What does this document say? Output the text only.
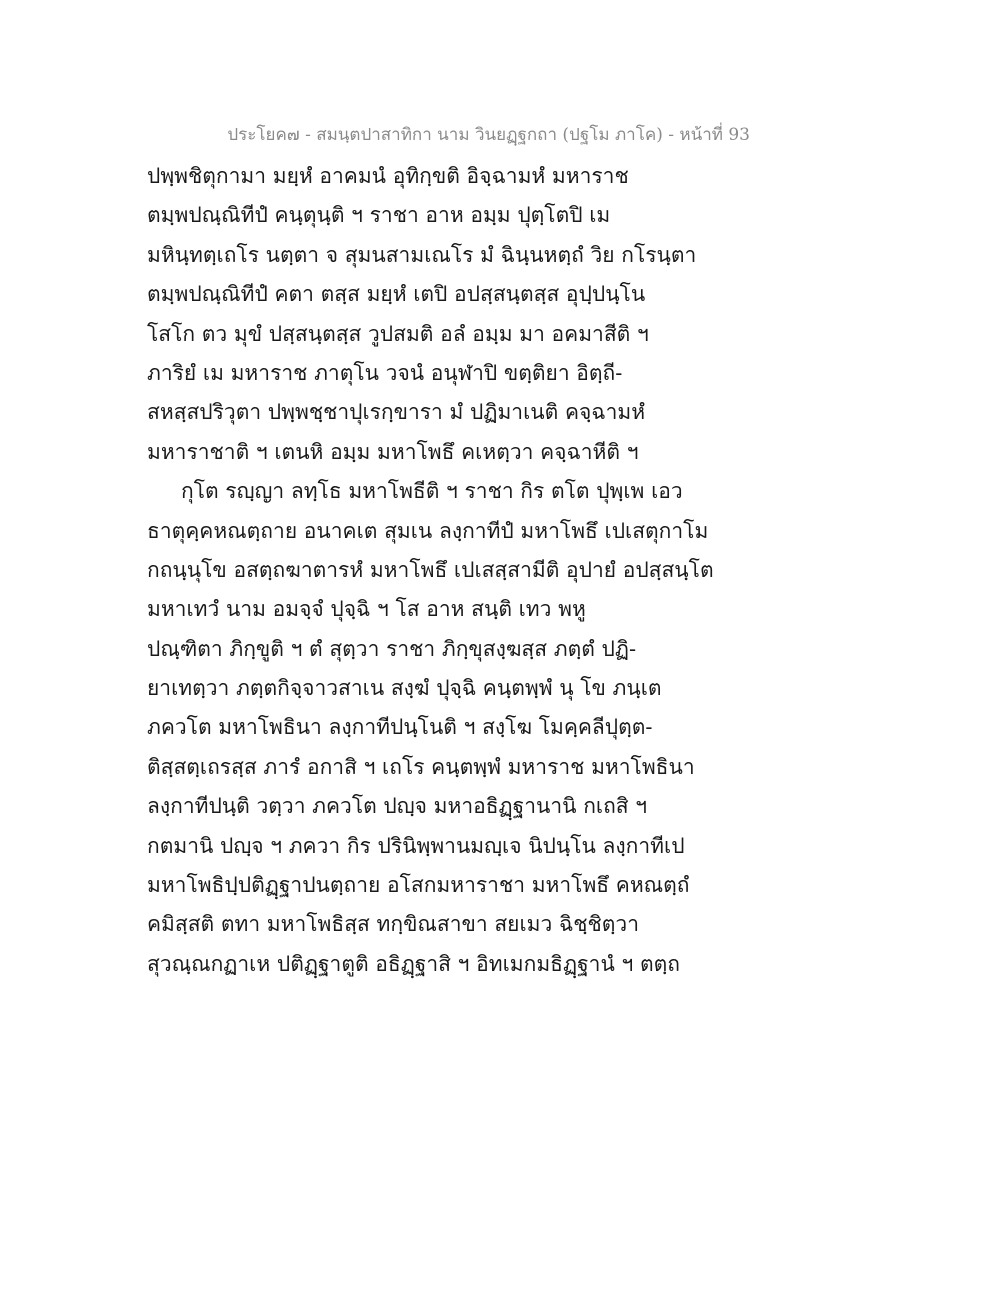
ประโยค๗ - สมนฺตปาสาทิกา นาม วินยฏฺฐกถา (ปฐโม ภาโค) - หน้าที่ 93
ปพฺพชิตุกามา มยฺหํ อาคมนํ อุทิกฺขติ อิจฺฉามหํ มหาราช
ตมฺพปณฺณิทีปํ คนฺตุนฺติ ฯ ราชา อาห อมฺม ปุตฺโตปิ เม
มหินฺทตฺเถโร นตฺตา จ สุมนสามเณโร มํ ฉินฺนหตฺถํ วิย กโรนฺตา
ตมฺพปณฺณิทีปํ คตา ตสฺส มยฺหํ เตปิ อปสฺสนฺตสฺส อุปฺปนฺโน
โสโก ตว มุขํ ปสฺสนฺตสฺส วูปสมติ อลํ อมฺม มา อคมาสีติ ฯ
ภาริยํ เม มหาราช ภาตุโน วจนํ อนุฬาปิ ขตฺติยา อิตฺถี-
สหสฺสปริวุตา ปพฺพชฺชาปุเรกฺขารา มํ ปฏิมาเนติ คจฺฉามหํ
มหาราชาติ ฯ เตนหิ อมฺม มหาโพธึ คเหตฺวา คจฺฉาหีติ ฯ
กุโต รญฺญา ลทฺโธ มหาโพธีติ ฯ ราชา กิร ตโต ปุพฺเพ เอว
ธาตุคฺคหณตฺถาย อนาคเต สุมเน ลงฺกาทีปํ มหาโพธึ เปเสตุกาโม
กถนฺนุโข อสตฺถฆาตารหํ มหาโพธึ เปเสสฺสามีติ อุปายํ อปสฺสนฺโต
มหาเทวํ นาม อมจฺจํ ปุจฺฉิ ฯ โส อาห สนฺติ เทว พหู
ปณฺฑิตา ภิกฺขูติ ฯ ตํ สุตฺวา ราชา ภิกฺขุสงฺฆสฺส ภตฺตํ ปฏิ-
ยาเทตฺวา ภตฺตกิจฺจาวสาเน สงฺฆํ ปุจฺฉิ คนฺตพฺพํ นุ โข ภนฺเต
ภควโต มหาโพธินา ลงฺกาทีปนฺโนติ ฯ สงฺโฆ โมคฺคลีปุตฺต-
ติสฺสตฺเถรสฺส ภารํ อกาสิ ฯ เถโร คนฺตพฺพํ มหาราช มหาโพธินา
ลงฺกาทีปนฺติ วตฺวา ภควโต ปญฺจ มหาอธิฏฺฐานานิ กเถสิ ฯ
กตมานิ ปญฺจ ฯ ภควา กิร ปรินิพฺพานมญฺเจ นิปนฺโน ลงฺกาทีเป
มหาโพธิปฺปติฏฺฐาปนตฺถาย อโสกมหาราชา มหาโพธึ คหณตฺถํ
คมิสฺสติ ตทา มหาโพธิสฺส ทกฺขิณสาขา สยเมว ฉิชฺชิตฺวา
สุวณฺณกฏาเห ปติฏฺฐาตูติ อธิฏฺฐาสิ ฯ อิทเมกมธิฏฺฐานํ ฯ ตตฺถ
